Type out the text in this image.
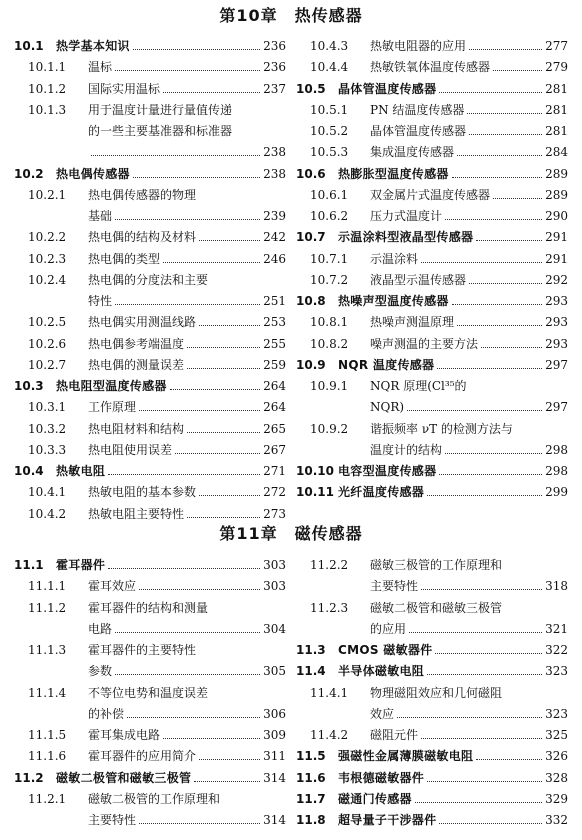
第10章　热传感器
10.1	热学基本知识	236
10.1.1	温标	236
10.1.2	国际实用温标	237
10.1.3	用于温度计量进行量值传递
的一些主要基准器和标准器
238
10.2	热电偶传感器	238
10.2.1	热电偶传感器的物理
基础	239
10.2.2	热电偶的结构及材料	242
10.2.3	热电偶的类型	246
10.2.4	热电偶的分度法和主要
特性	251
10.2.5	热电偶实用测温线路	253
10.2.6	热电偶参考端温度	255
10.2.7	热电偶的测量误差	259
10.3	热电阻型温度传感器	264
10.3.1	工作原理	264
10.3.2	热电阻材料和结构	265
10.3.3	热电阻使用误差	267
10.4	热敏电阻	271
10.4.1	热敏电阻的基本参数	272
10.4.2	热敏电阻主要特性	273
10.4.3	热敏电阻器的应用	277
10.4.4	热敏铁氧体温度传感器	279
10.5	晶体管温度传感器	281
10.5.1	PN 结温度传感器	281
10.5.2	晶体管温度传感器	281
10.5.3	集成温度传感器	284
10.6	热膨胀型温度传感器	289
10.6.1	双金属片式温度传感器	289
10.6.2	压力式温度计	290
10.7	示温涂料型液晶型传感器	291
10.7.1	示温涂料	291
10.7.2	液晶型示温传感器	292
10.8	热噪声型温度传感器	293
10.8.1	热噪声测温原理	293
10.8.2	噪声测温的主要方法	293
10.9	NQR 温度传感器	297
10.9.1	NQR 原理(Cl³⁵的
NQR)	297
10.9.2	谐振频率 νT 的检测方法与
温度计的结构	298
10.10 电容型温度传感器	298
10.11 光纤温度传感器	299
第11章　磁传感器
11.1	霍耳器件	303
11.1.1	霍耳效应	303
11.1.2	霍耳器件的结构和测量
电路	304
11.1.3	霍耳器件的主要特性
参数	305
11.1.4	不等位电势和温度误差
的补偿	306
11.1.5	霍耳集成电路	309
11.1.6	霍耳器件的应用简介	311
11.2	磁敏二极管和磁敏三极管	314
11.2.1	磁敏二极管的工作原理和
主要特性	314
11.2.2	磁敏三极管的工作原理和
主要特性	318
11.2.3	磁敏二极管和磁敏三极管
的应用	321
11.3	CMOS 磁敏器件	322
11.4	半导体磁敏电阻	323
11.4.1	物理磁阻效应和几何磁阻
效应	323
11.4.2	磁阻元件	325
11.5	强磁性金属薄膜磁敏电阻	326
11.6	韦根德磁敏器件	328
11.7	磁通门传感器	329
11.8	超导量子干涉器件	332
